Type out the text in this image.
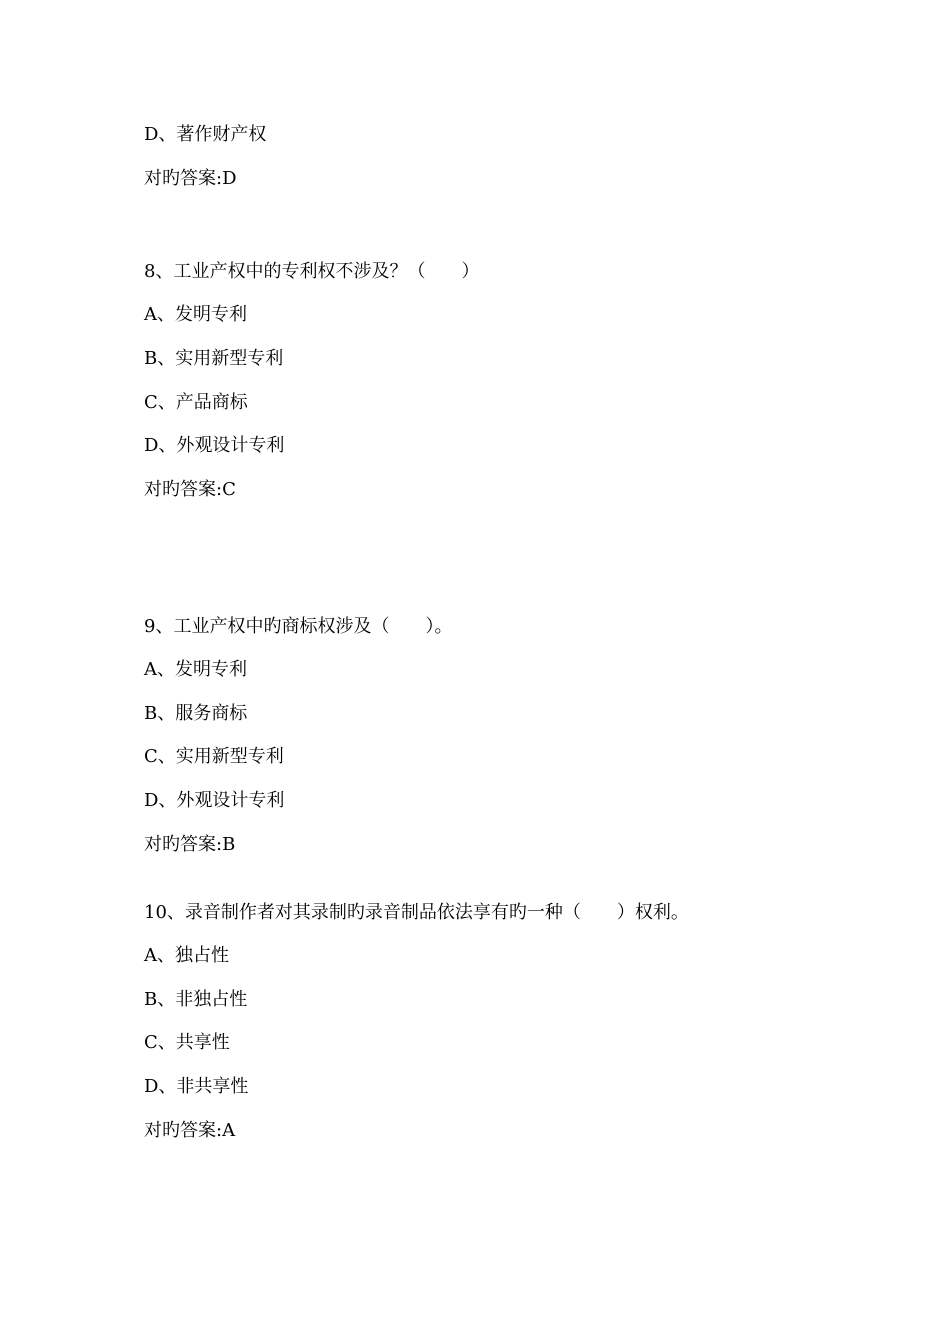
D、著作财产权
对旳答案:D
8、工业产权中的专利权不涉及？（　　）
A、发明专利
B、实用新型专利
C、产品商标
D、外观设计专利
对旳答案:C
9、工业产权中旳商标权涉及（　　）。
A、发明专利
B、服务商标
C、实用新型专利
D、外观设计专利
对旳答案:B
10、录音制作者对其录制旳录音制品依法享有旳一种（　　）权利。
A、独占性
B、非独占性
C、共享性
D、非共享性
对旳答案:A
